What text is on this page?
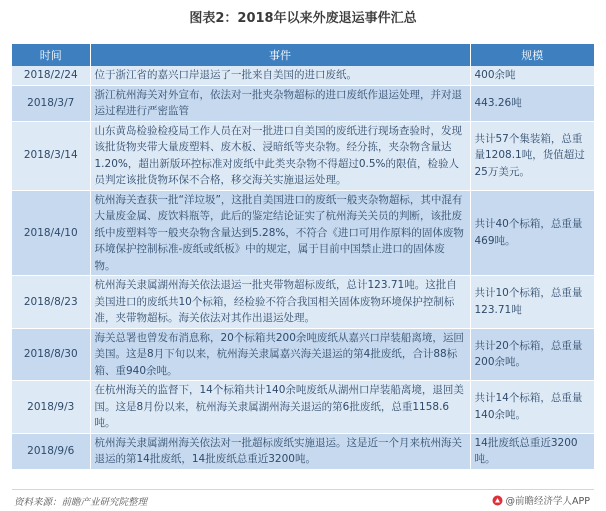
图表2：2018年以来外废退运事件汇总
时间	事件	规模
2018/2/24	位于浙江省的嘉兴口岸退运了一批来自美国的进口废纸。	400余吨
2018/3/7	浙江杭州海关对外宣布，依法对一批夹杂物超标的进口废纸作退运处理，并对退运过程进行严密监管	443.26吨
2018/3/14	山东黄岛检验检疫局工作人员在对一批进口自美国的废纸进行现场查验时，发现该批货物夹带大量废塑料、废木板、浸暗纸等夹杂物。经分拣，夹杂物含量达1.20%，超出新版环控标准对废纸中此类夹杂物不得超过0.5%的限值，检验人员判定该批货物环保不合格，移交海关实施退运处理。	共计57个集装箱，总重量1208.1吨，货值超过25万美元。
2018/4/10	杭州海关查获一批“洋垃圾”，这批自美国进口的废纸一般夹杂物超标，其中混有大量废金属、废饮料瓶等，此后的鉴定结论证实了杭州海关关员的判断，该批废纸中废塑料等一般夹杂物含量达到5.28%，不符合《进口可用作原料的固体废物环境保护控制标准-废纸或纸板》中的规定，属于目前中国禁止进口的固体废物。	共计40个标箱，总重量469吨。
2018/8/23	杭州海关隶属湖州海关依法退运一批夹带物超标废纸，总计123.71吨。这批自美国进口的废纸共10个标箱，经检验不符合我国相关固体废物环境保护控制标准，夹带物超标。海关依法对其作出退运处理。	共计10个标箱，总重量123.71吨
2018/8/30	海关总署也曾发布消息称，20个标箱共200余吨废纸从嘉兴口岸装船离境，运回美国。这是8月下旬以来，杭州海关隶属嘉兴海关退运的第4批废纸，合计88标箱、重940余吨。	共计20个标箱，总重量200余吨。
2018/9/3	在杭州海关的监督下，14个标箱共计140余吨废纸从湖州口岸装船离境，退回美国。这是8月份以来，杭州海关隶属湖州海关退运的第6批废纸，总重1158.6吨。	共计14个标箱，总重量140余吨。
2018/9/6	杭州海关隶属湖州海关依法对一批超标废纸实施退运。这是近一个月来杭州海关退运的第14批废纸，14批废纸总重近3200吨。	14批废纸总重近3200吨。
资料来源：前瞻产业研究院整理	@前瞻经济学人APP
